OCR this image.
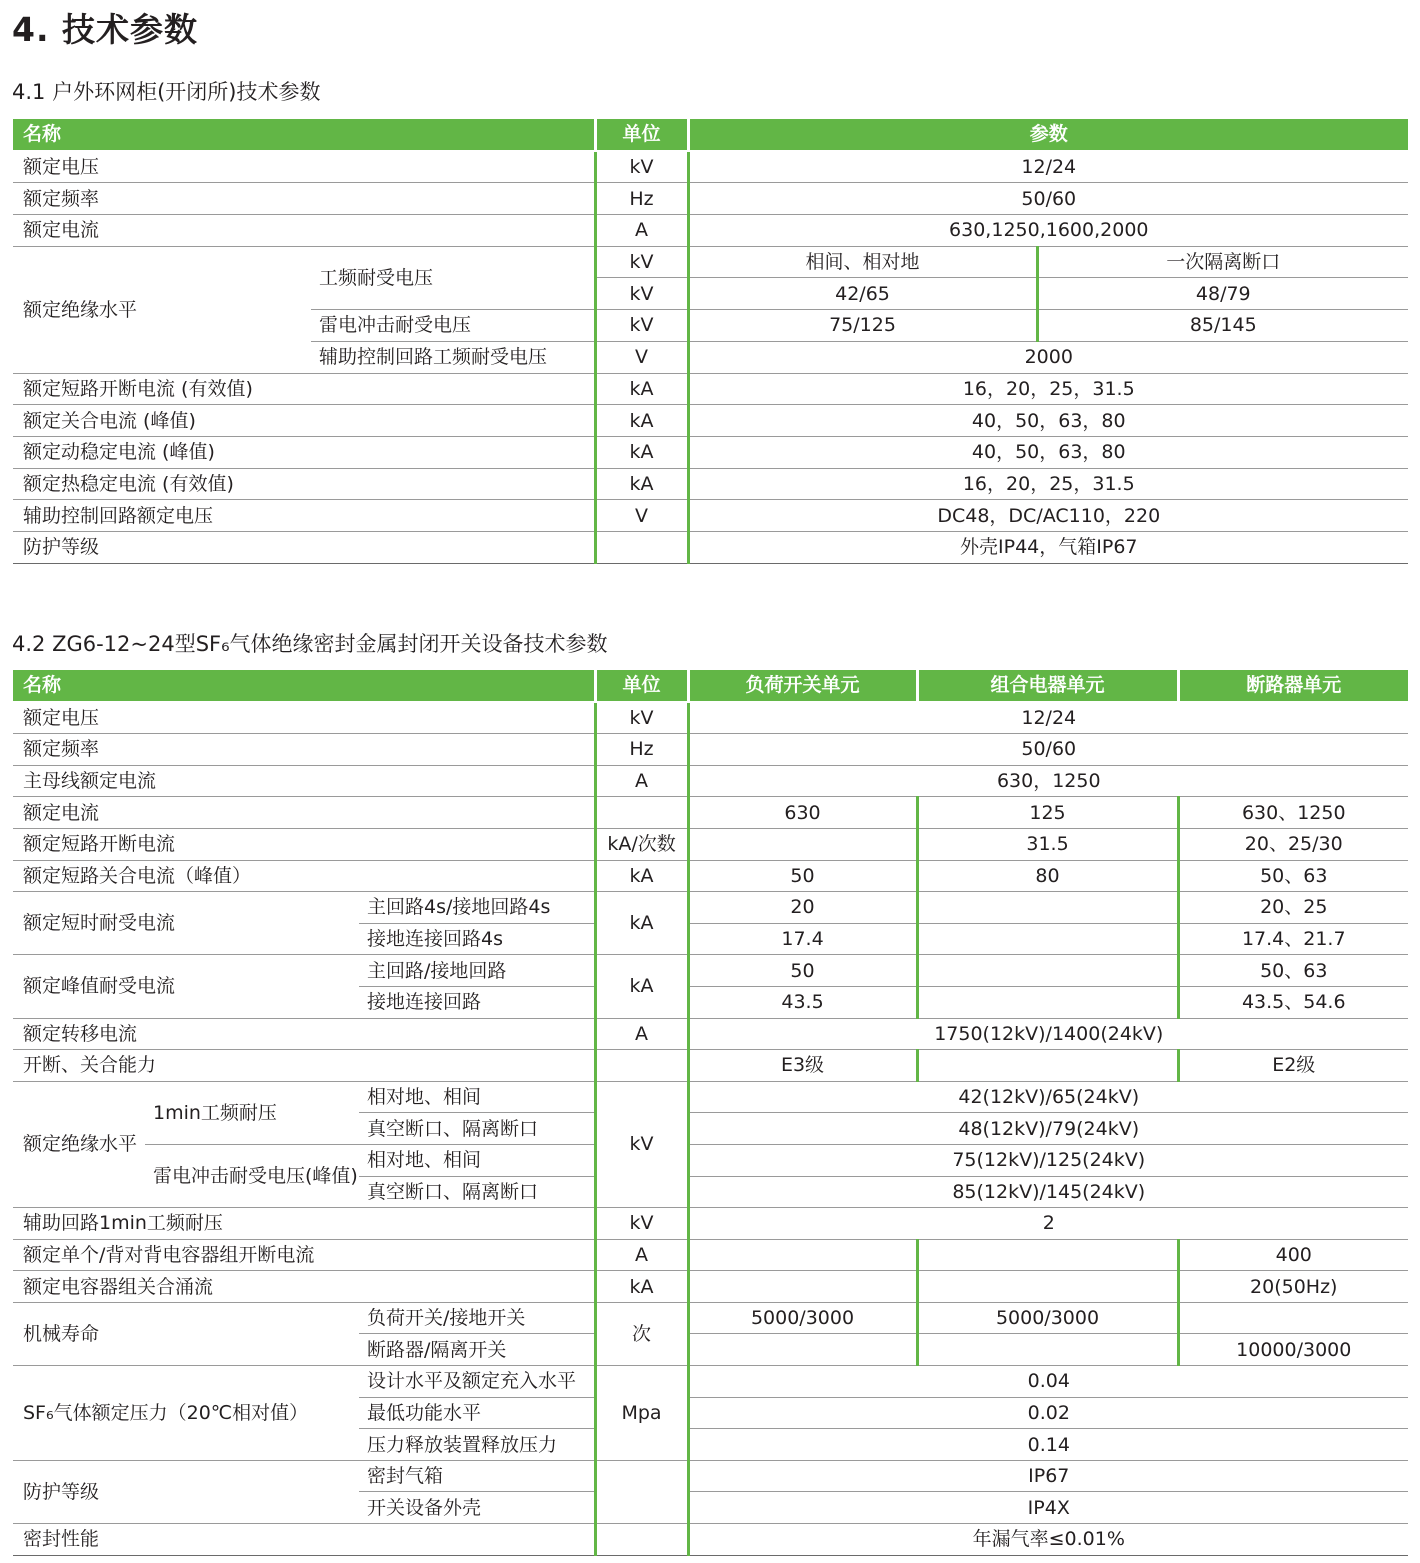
4. 技术参数
4.1 户外环网柜(开闭所)技术参数
名称		单位	参数	
额定电压		kV	12/24	
额定频率		Hz	50/60	
额定电流		A	630,1250,1600,2000	
额定绝缘水平	工频耐受电压	kV	相间、相对地	一次隔离断口
		kV	42/65	48/79
	雷电冲击耐受电压	kV	75/125	85/145
	辅助控制回路工频耐受电压	V	2000	
额定短路开断电流 (有效值)		kA	16，20，25，31.5	
额定关合电流 (峰值)		kA	40，50，63，80	
额定动稳定电流 (峰值)		kA	40，50，63，80	
额定热稳定电流 (有效值)		kA	16，20，25，31.5	
辅助控制回路额定电压		V	DC48，DC/AC110，220	
防护等级			外壳IP44，气箱IP67	
4.2 ZG6-12~24型SF₆气体绝缘密封金属封闭开关设备技术参数
名称			单位	负荷开关单元	组合电器单元	断路器单元
额定电压			kV	12/24		
额定频率			Hz	50/60		
主母线额定电流			A	630，1250		
额定电流				630	125	630、1250
额定短路开断电流			kA/次数		31.5	20、25/30
额定短路关合电流（峰值）			kA	50	80	50、63
额定短时耐受电流		主回路4s/接地回路4s	kA	20		20、25
		接地连接回路4s		17.4		17.4、21.7
额定峰值耐受电流		主回路/接地回路	kA	50		50、63
		接地连接回路		43.5		43.5、54.6
额定转移电流			A	1750(12kV)/1400(24kV)		
开断、关合能力				E3级		E2级
额定绝缘水平	1min工频耐压	相对地、相间	kV	42(12kV)/65(24kV)		
		真空断口、隔离断口		48(12kV)/79(24kV)		
	雷电冲击耐受电压(峰值)	相对地、相间		75(12kV)/125(24kV)		
		真空断口、隔离断口		85(12kV)/145(24kV)		
辅助回路1min工频耐压			kV	2		
额定单个/背对背电容器组开断电流			A			400
额定电容器组关合涌流			kA			20(50Hz)
机械寿命		负荷开关/接地开关	次	5000/3000	5000/3000	
		断路器/隔离开关				10000/3000
SF₆气体额定压力（20℃相对值）		设计水平及额定充入水平	Mpa	0.04		
		最低功能水平		0.02		
		压力释放装置释放压力		0.14		
防护等级		密封气箱		IP67		
		开关设备外壳		IP4X		
密封性能				年漏气率≤0.01%		
